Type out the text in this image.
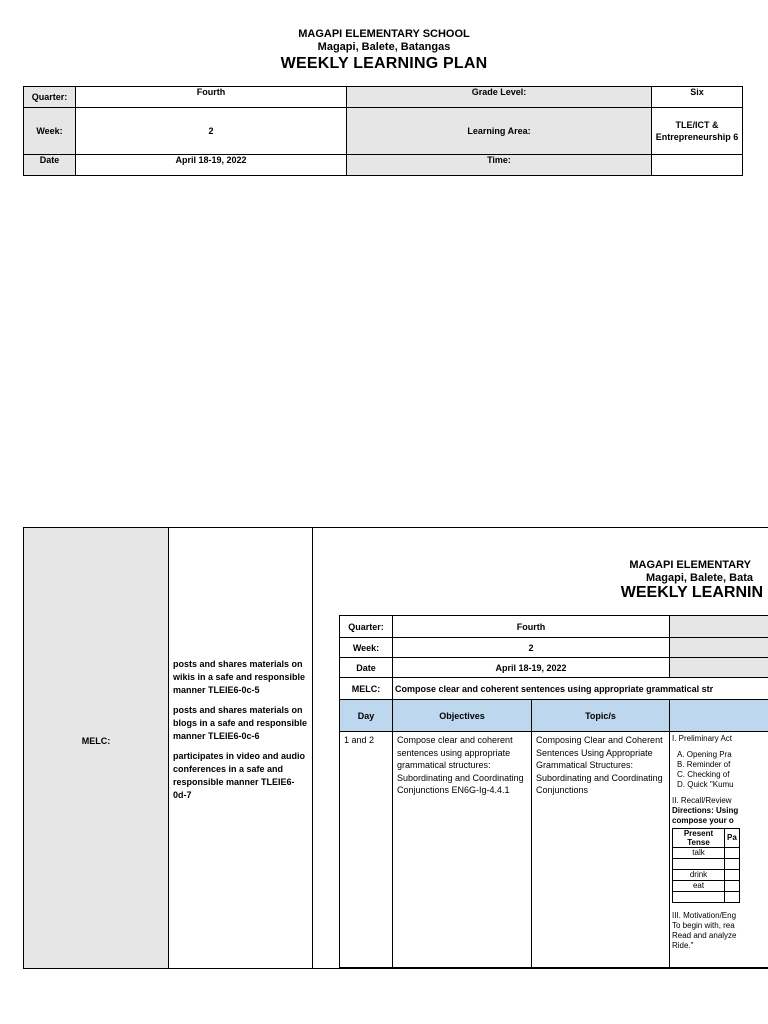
MAGAPI ELEMENTARY SCHOOL
Magapi, Balete, Batangas
WEEKLY LEARNING PLAN
Quarter:	Fourth	Grade Level:	Six
Week:	2	Learning Area:	TLE/ICT & Entrepreneurship 6
Date	April 18-19, 2022	Time:	
MELC:

posts and shares materials on wikis in a safe and responsible manner TLEIE6-0c-5

posts and shares materials on blogs in a safe and responsible manner TLEIE6-0c-6

participates in video and audio conferences in a safe and responsible manner TLEIE6-0d-7

MAGAPI ELEMENTARY
Magapi, Balete, Bata
WEEKLY LEARNIN
Quarter:	Fourth	
Week:	2	
Date	April 18-19, 2022	
MELC:	Compose clear and coherent sentences using appropriate grammatical str
Day	Objectives	Topic/s	
1 and 2	Compose clear and coherent sentences using appropriate grammatical structures: Subordinating and Coordinating Conjunctions EN6G-Ig-4.4.1	Composing Clear and Coherent Sentences Using Appropriate Grammatical Structures: Subordinating and Coordinating Conjunctions	
I. Preliminary Act
A. Opening Pra
B. Reminder of
C. Checking of
D. Quick "Kumu
II. Recall/Review
Directions: Using
compose your o
Present Tense	Pa
talk	

drink	
eat	

III. Motivation/Eng
To begin with, rea
Read and analyze
Ride."
